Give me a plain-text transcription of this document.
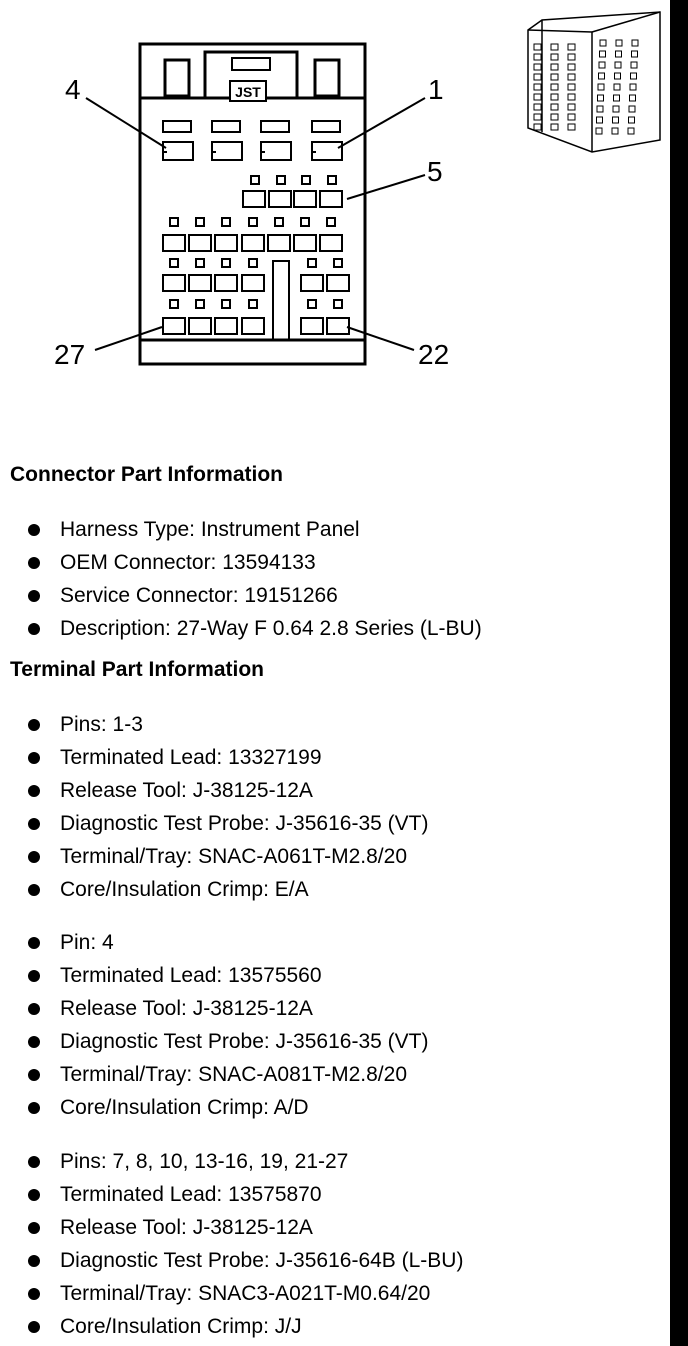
JST
4	1
5
27	22
Connector Part Information
Harness Type: Instrument Panel
OEM Connector: 13594133
Service Connector: 19151266
Description: 27-Way F 0.64 2.8 Series (L-BU)
Terminal Part Information
Pins: 1-3
Terminated Lead: 13327199
Release Tool: J-38125-12A
Diagnostic Test Probe: J-35616-35 (VT)
Terminal/Tray: SNAC-A061T-M2.8/20
Core/Insulation Crimp: E/A
Pin: 4
Terminated Lead: 13575560
Release Tool: J-38125-12A
Diagnostic Test Probe: J-35616-35 (VT)
Terminal/Tray: SNAC-A081T-M2.8/20
Core/Insulation Crimp: A/D
Pins: 7, 8, 10, 13-16, 19, 21-27
Terminated Lead: 13575870
Release Tool: J-38125-12A
Diagnostic Test Probe: J-35616-64B (L-BU)
Terminal/Tray: SNAC3-A021T-M0.64/20
Core/Insulation Crimp: J/J
